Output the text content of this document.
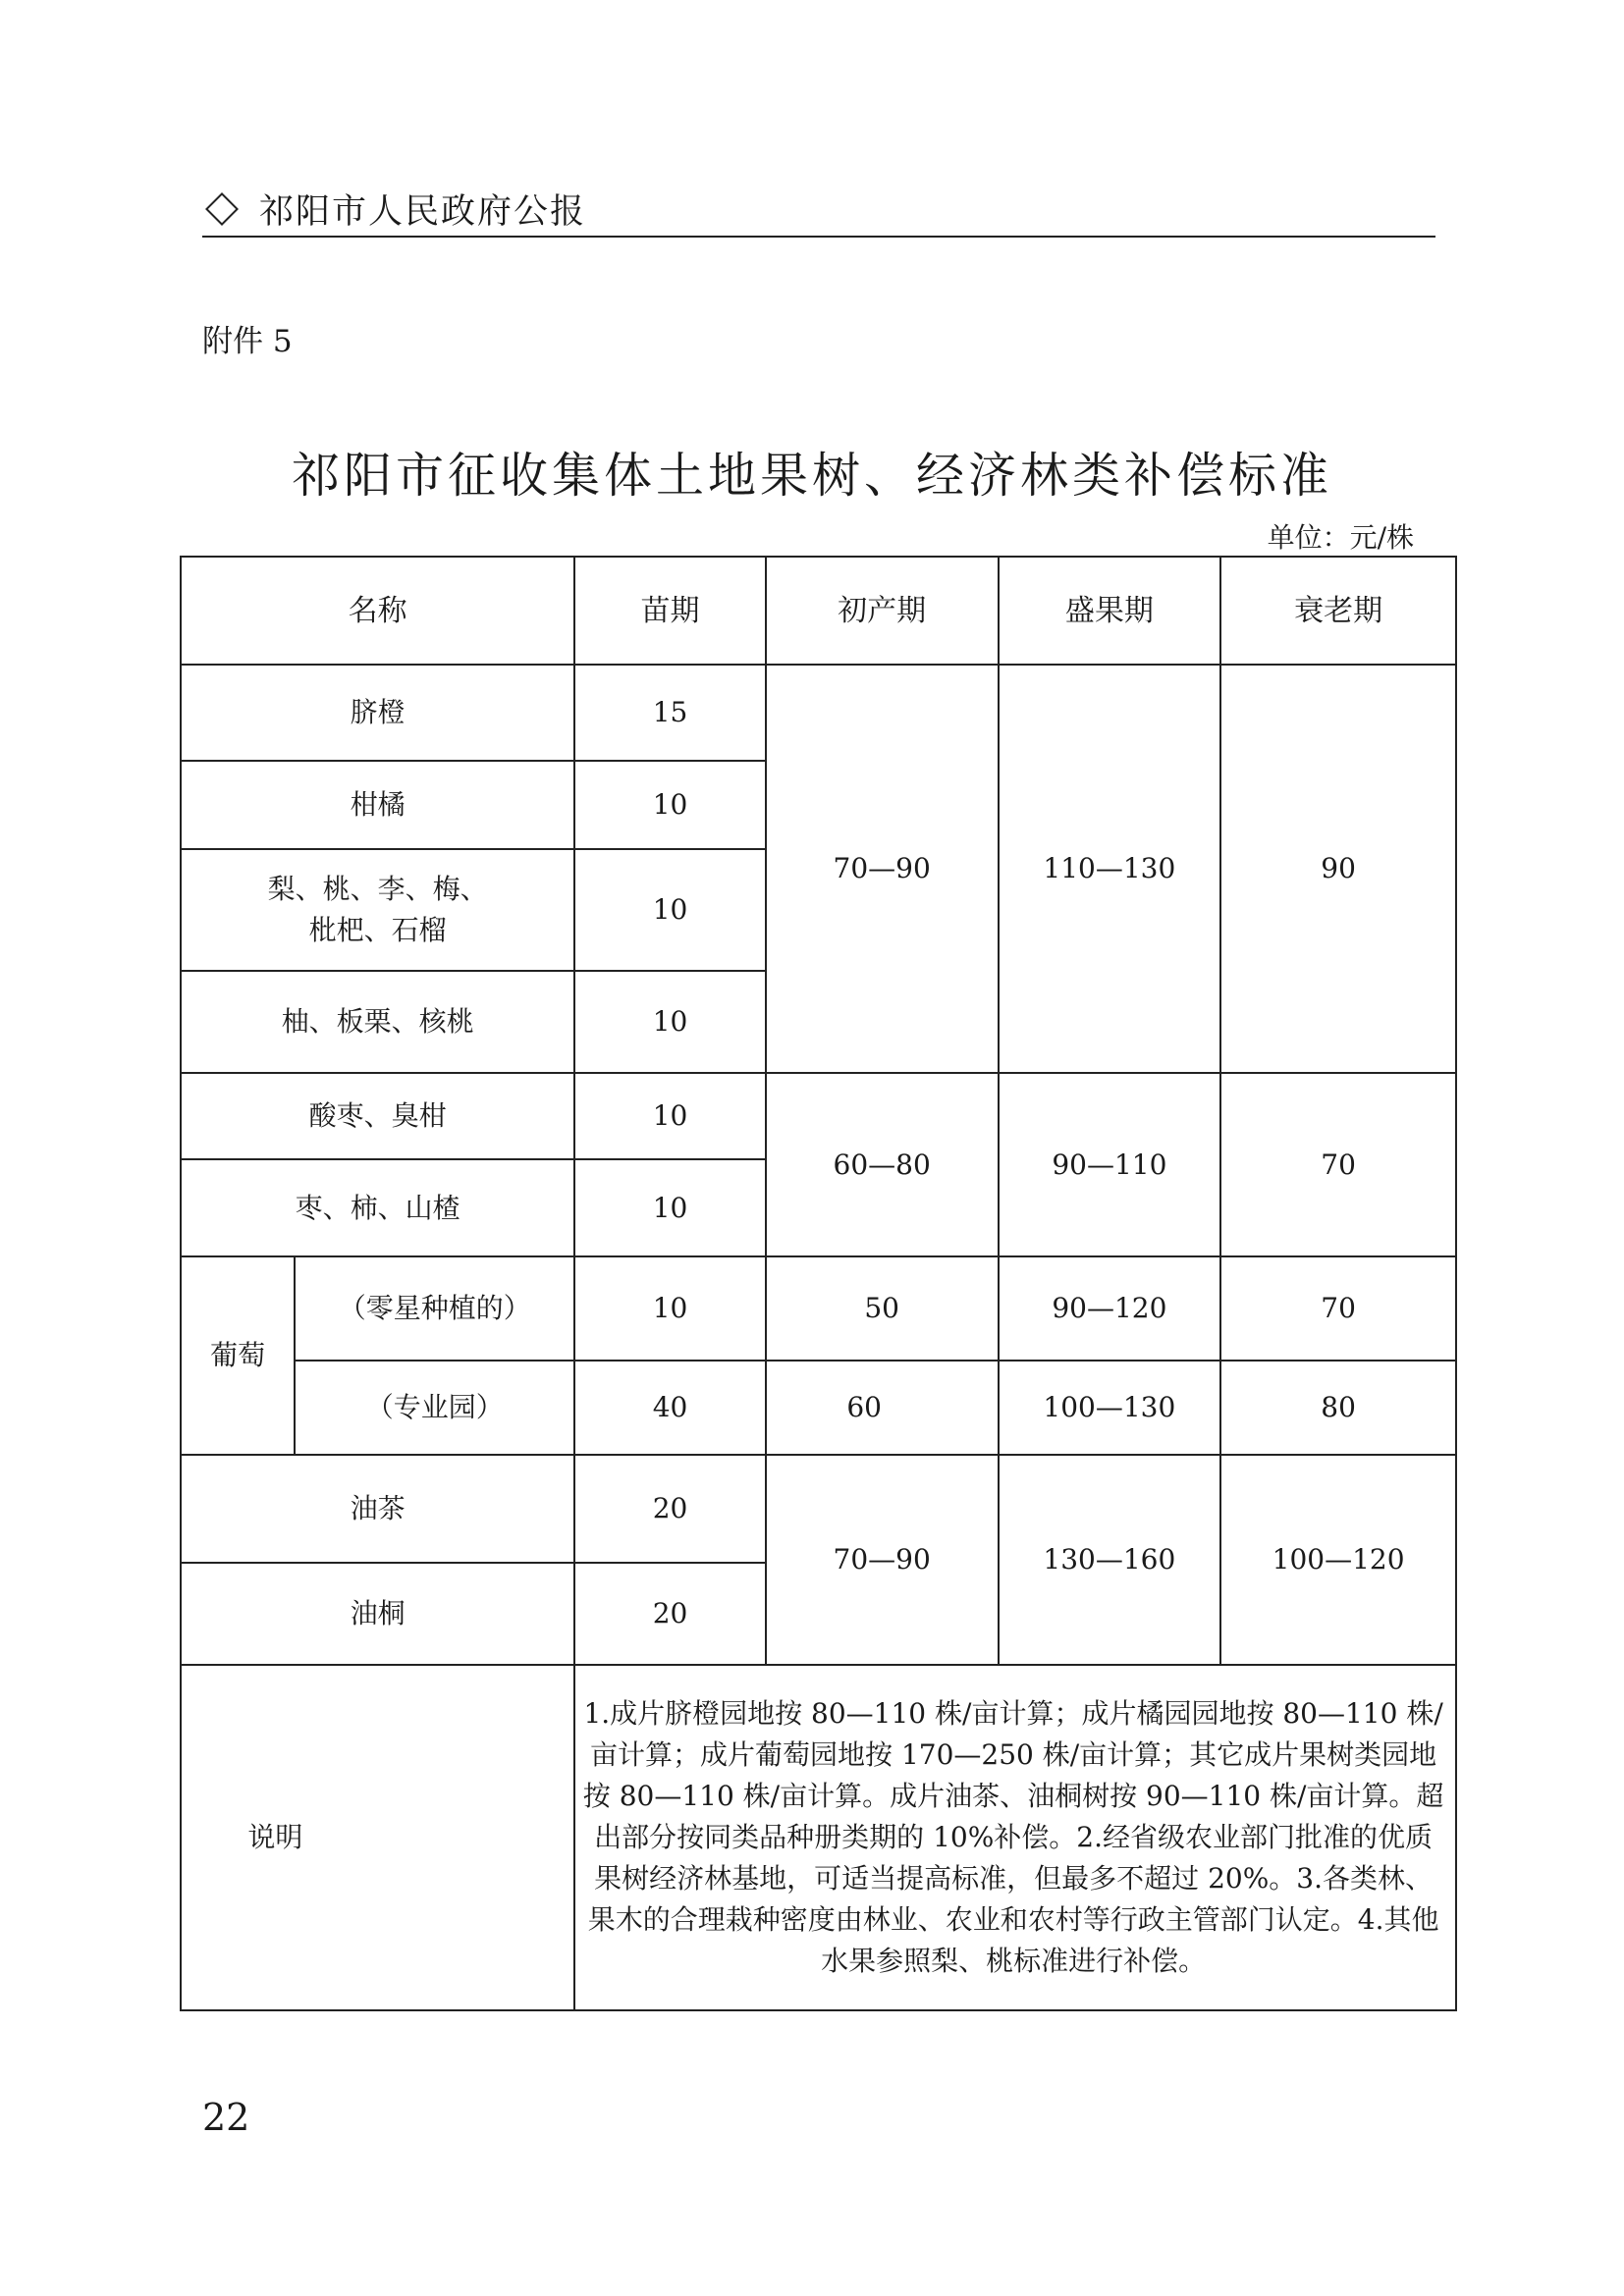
祁阳市人民政府公报
附件 5
祁阳市征收集体土地果树、经济林类补偿标准
单位：元/株
名称		苗期	初产期	盛果期	衰老期
脐橙		15	70—90	110—130	90
柑橘		10			

梨、桃、李、梅、
枇杷、石榴		10			
柚、板栗、核桃		10			
酸枣、臭柑		10	60—80	90—110	70
枣、柿、山楂		10			
葡萄	（零星种植的）	10	50	90—120	70
	（专业园）	40	60	100—130	80
油茶		20	70—90	130—160	100—120
油桐		20			
	说明	1.成片脐橙园地按 80—110 株/亩计算；成片橘园园地按 80—110 株/亩计算；成片葡萄园地按 170—250 株/亩计算；其它成片果树类园地按 80—110 株/亩计算。成片油茶、油桐树按 90—110 株/亩计算。超出部分按同类品种册类期的 10%补偿。2.经省级农业部门批准的优质果树经济林基地，可适当提高标准，但最多不超过 20%。3.各类林、果木的合理栽种密度由林业、农业和农村等行政主管部门认定。4.其他水果参照梨、桃标准进行补偿。			
22
